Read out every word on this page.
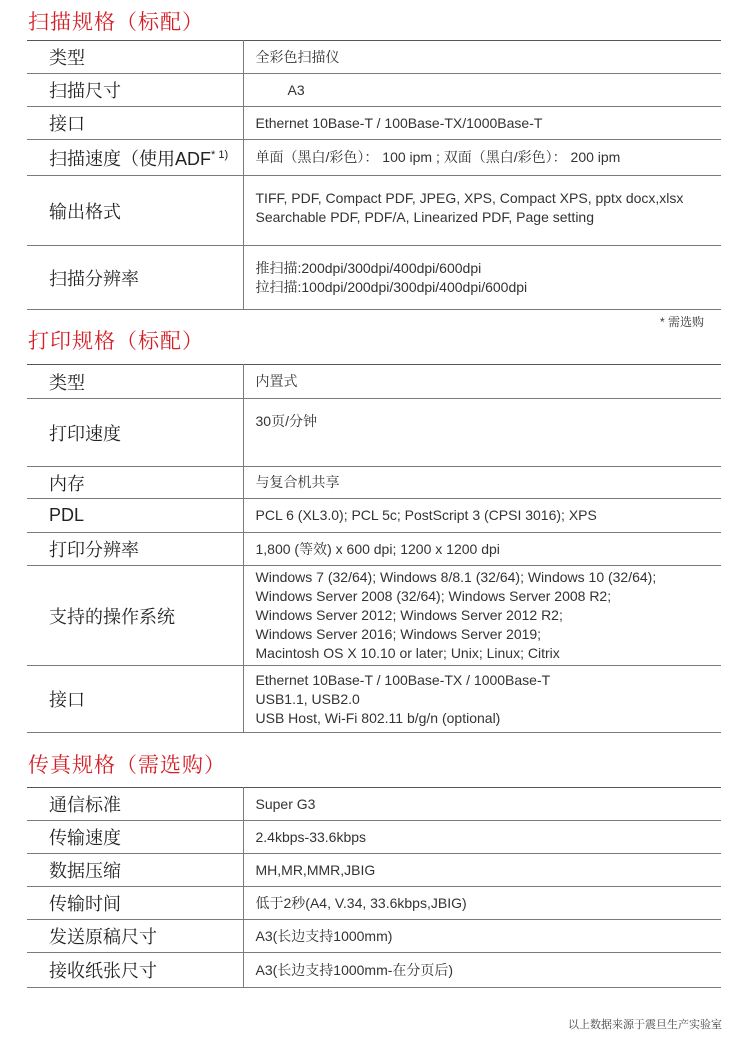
扫描规格（标配）
类型	全彩色扫描仪
扫描尺寸	A3
接口	Ethernet 10Base-T / 100Base-TX/1000Base-T
扫描速度（使用ADF$^{* 1)}$	单面（黑白/彩色）： 100 ipm ; 双面（黑白/彩色）： 200 ipm
输出格式	TIFF, PDF, Compact PDF, JPEG, XPS, Compact XPS, pptx docx,xlsx
Searchable PDF, PDF/A, Linearized PDF, Page setting

扫描分辨率	推扫描:200dpi/300dpi/400dpi/600dpi
拉扫描:100dpi/200dpi/300dpi/400dpi/600dpi
* 需选购
打印规格（标配）
类型	内置式
打印速度	30页/分钟
内存	与复合机共享
PDL	PCL 6 (XL3.0); PCL 5c; PostScript 3 (CPSI 3016); XPS
打印分辨率	1,800 (等效) x 600 dpi; 1200 x 1200 dpi
支持的操作系统	Windows 7 (32/64); Windows 8/8.1 (32/64); Windows 10 (32/64);
Windows Server 2008 (32/64); Windows Server 2008 R2;
Windows Server 2012; Windows Server 2012 R2;
Windows Server 2016; Windows Server 2019;
Macintosh OS X 10.10 or later; Unix; Linux; Citrix

接口	Ethernet 10Base-T / 100Base-TX / 1000Base-T
USB1.1, USB2.0
USB Host, Wi-Fi 802.11 b/g/n (optional)
传真规格（需选购）
通信标准	Super G3
传输速度	2.4kbps-33.6kbps
数据压缩	MH,MR,MMR,JBIG
传输时间	低于2秒(A4, V.34, 33.6kbps,JBIG)
发送原稿尺寸	A3(长边支持1000mm)
接收纸张尺寸	A3(长边支持1000mm-在分页后)
以上数据来源于震旦生产实验室
